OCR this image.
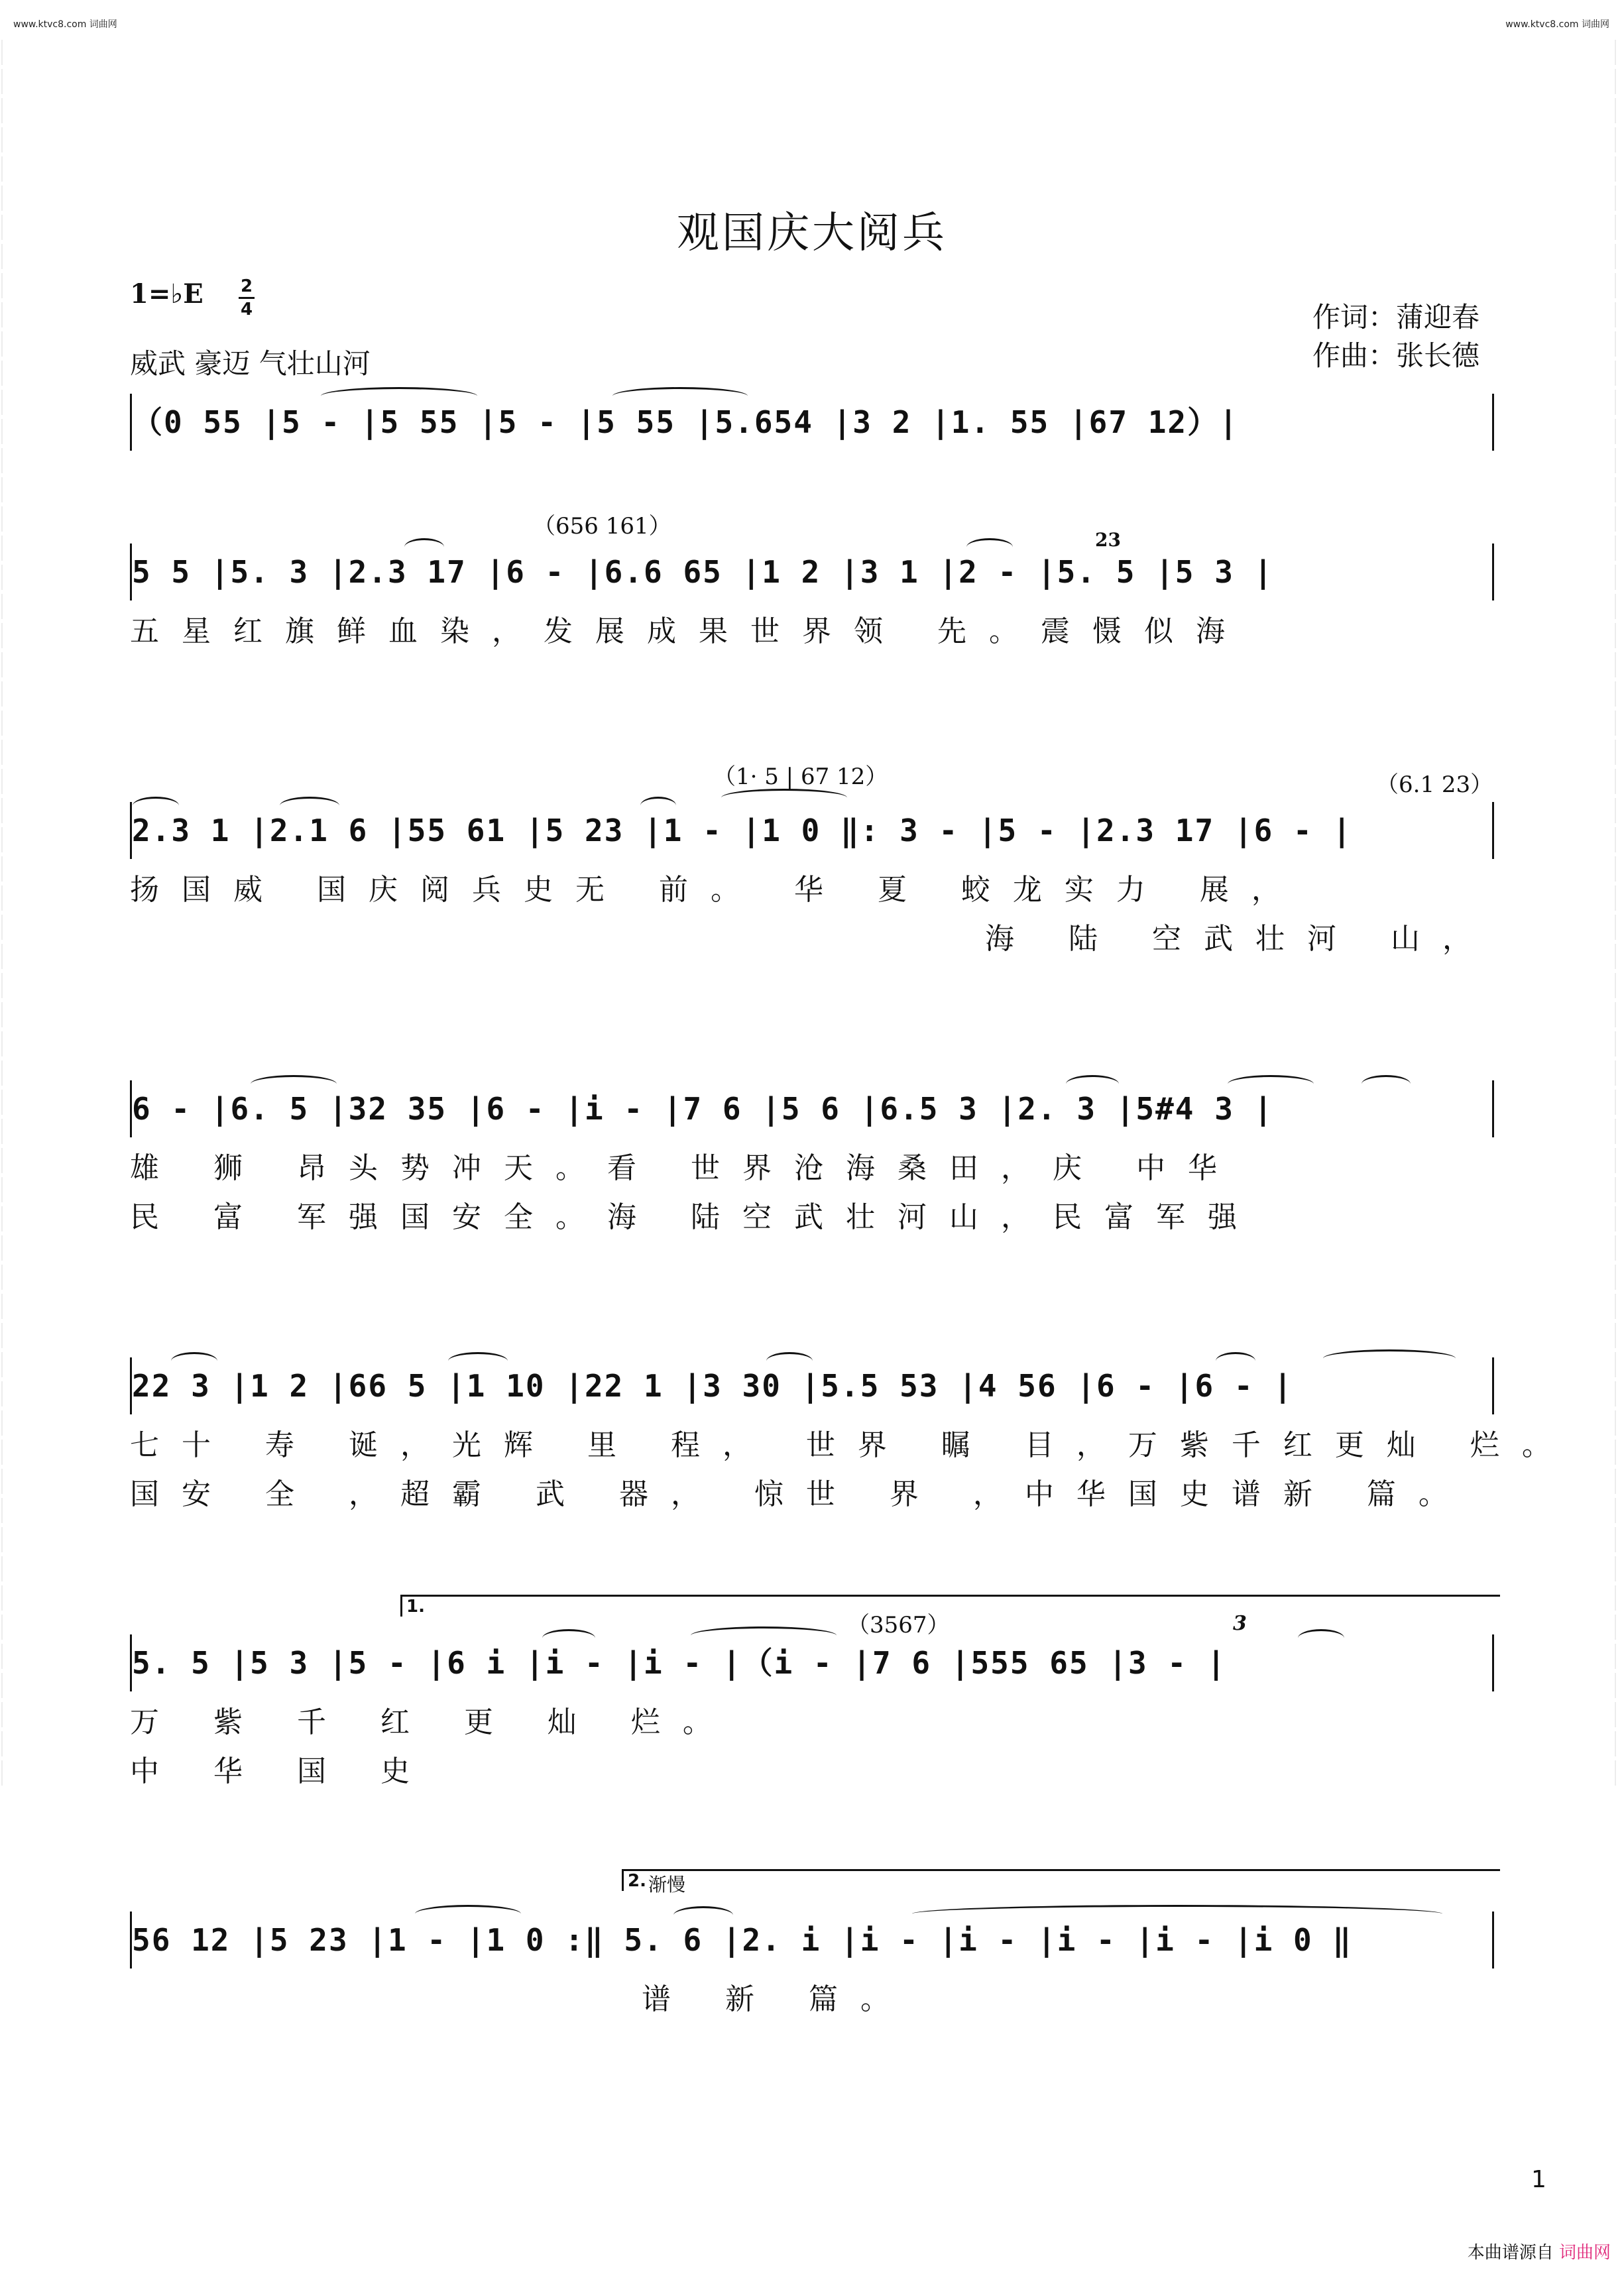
www.ktvc8.com 词曲网	www.ktvc8.com 词曲网
观国庆大阅兵
1=♭E 2
4
威武 豪迈 气壮山河
作词：蒲迎春
作曲：张长德
（0 55 |5 - |5 55 |5 - |5 55 |5.654 |3 2 |1. 55 |67 12）|
（656 161）
23
5 5 |5. 3 |2.3 17 |6 - |6.6 65 |1 2 |3 1 |2 - |5. 5 |5 3 |
五星红旗鲜血染，发展成果世界领 先。震慑似海
（1· 5 | 67 12）	（6.1 23）
2.3 1 |2.1 6 |55 61 |5 23 |1 - |1 0 ‖: 3 - |5 - |2.3 17 |6 - |
扬国威 国庆阅兵史无 前。 华 夏 蛟龙实力 展，
海 陆 空武壮河 山，
6 - |6. 5 |32 35 |6 - |i - |7 6 |5 6 |6.5 3 |2. 3 |5#4 3 |
雄 狮 昂头势冲天。看 世界沧海桑田，庆 中华
民 富 军强国安全。海 陆空武壮河山，民富军强
22 3 |1 2 |66 5 |1 10 |22 1 |3 30 |5.5 53 |4 56 |6 - |6 - |
七十 寿 诞，光辉 里 程， 世界 瞩 目，万紫千红更灿 烂。
国安 全 ，超霸 武 器， 惊世 界 ，中华国史谱新 篇。
1.
（3567）	3
5. 5 |5 3 |5 - |6 i |i - |i - |（i - |7 6 |555 65 |3 - |
万 紫 千 红 更 灿 烂。
中 华 国 史
2. 渐慢
56 12 |5 23 |1 - |1 0 :‖ 5. 6 |2. i |i - |i - |i - |i - |i 0 ‖
谱 新 篇。
1
本曲谱源自 词曲网
